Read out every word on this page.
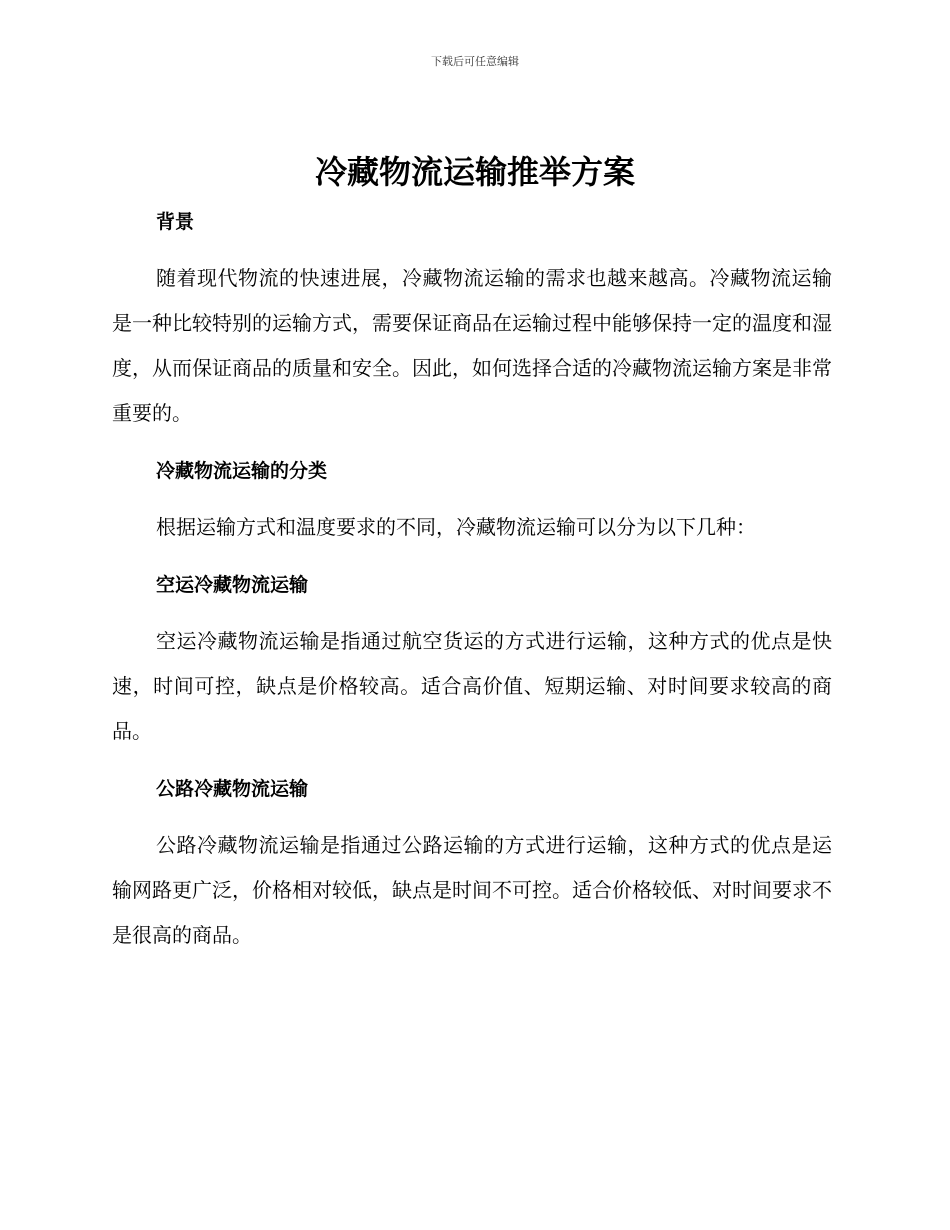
下载后可任意编辑
冷藏物流运输推举方案
背景

随着现代物流的快速进展，冷藏物流运输的需求也越来越高。冷藏物流运输是一种比较特别的运输方式，需要保证商品在运输过程中能够保持一定的温度和湿度，从而保证商品的质量和安全。因此，如何选择合适的冷藏物流运输方案是非常重要的。

冷藏物流运输的分类

根据运输方式和温度要求的不同，冷藏物流运输可以分为以下几种：

空运冷藏物流运输

空运冷藏物流运输是指通过航空货运的方式进行运输，这种方式的优点是快速，时间可控，缺点是价格较高。适合高价值、短期运输、对时间要求较高的商品。

公路冷藏物流运输

公路冷藏物流运输是指通过公路运输的方式进行运输，这种方式的优点是运输网路更广泛，价格相对较低，缺点是时间不可控。适合价格较低、对时间要求不是很高的商品。
